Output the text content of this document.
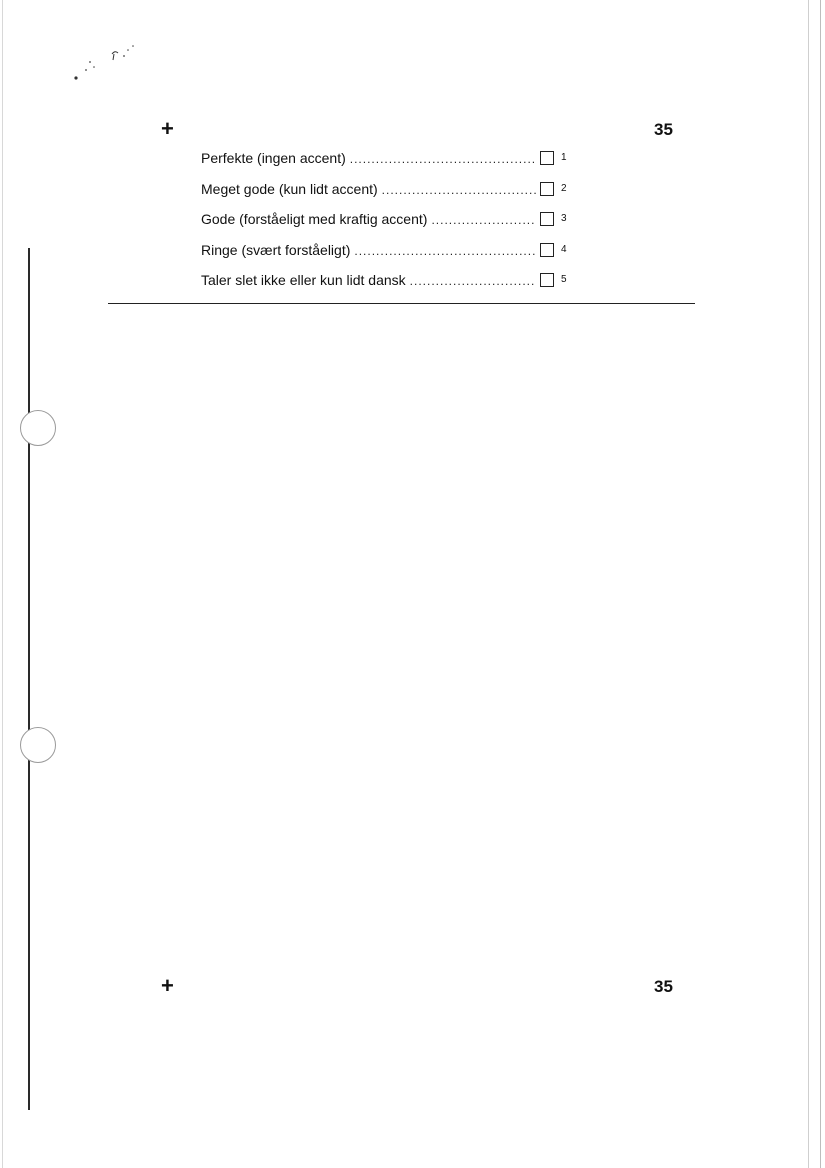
+	35
Perfekte (ingen accent) .....	1
Meget gode (kun lidt accent) .....	2
Gode (forståeligt med kraftig accent) .....	3
Ringe (svært forståeligt) .....	4
Taler slet ikke eller kun lidt dansk .....	5
+	35
